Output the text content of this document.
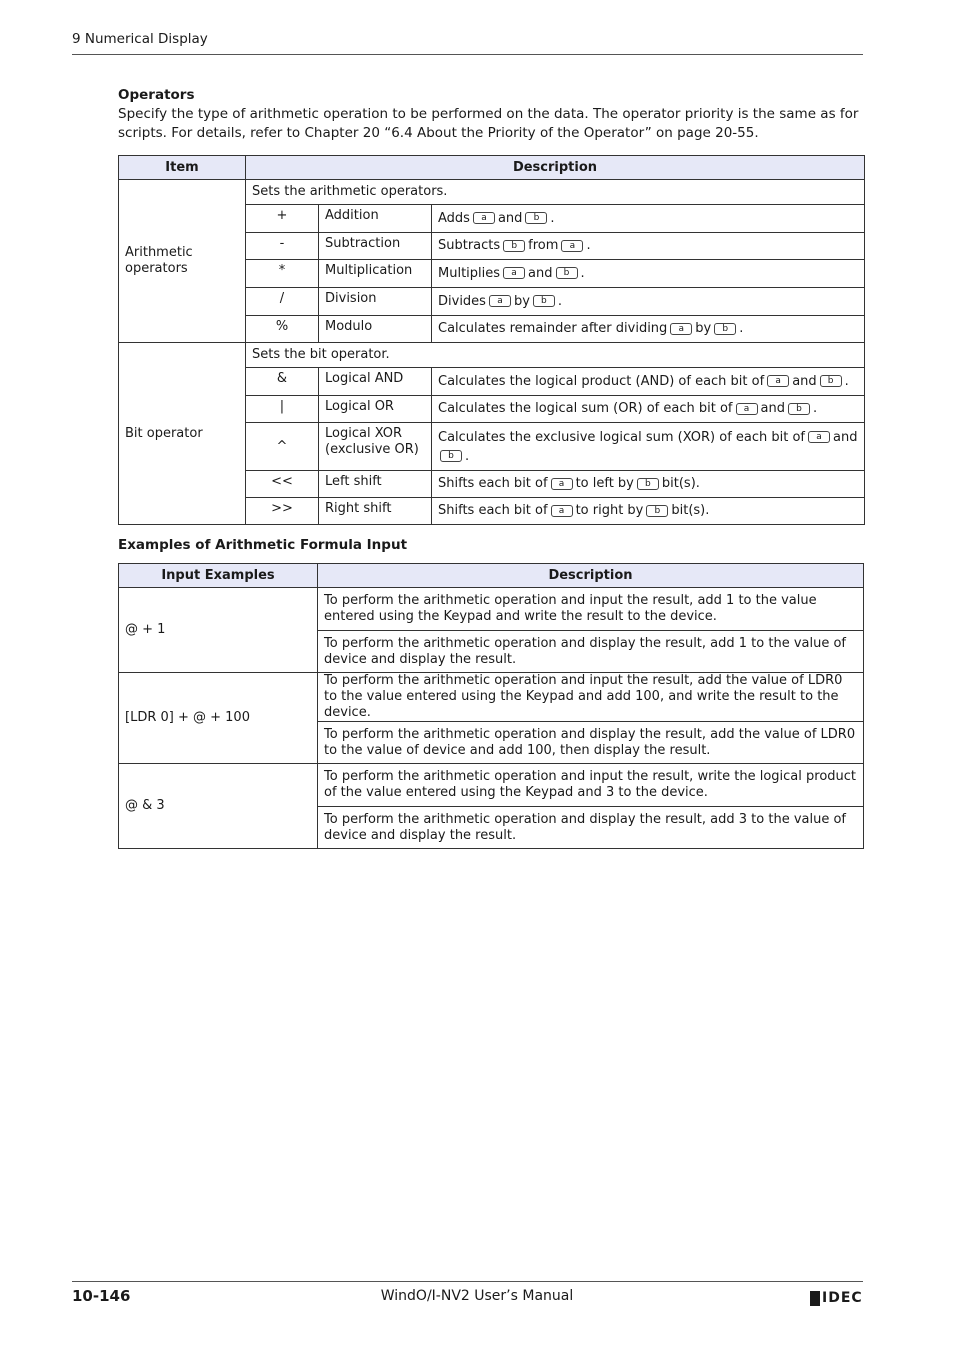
9 Numerical Display
Operators
Specify the type of arithmetic operation to be performed on the data. The operator priority is the same as for scripts. For details, refer to Chapter 20 “6.4 About the Priority of the Operator” on page 20-55.
Item	Description		
Arithmetic operators	Sets the arithmetic operators.		
	+	Addition	Adds a and b .
	-	Subtraction	Subtracts b from a .
	*	Multiplication	Multiplies a and b .
	/	Division	Divides a by b .
	%	Modulo	Calculates remainder after dividing a by b .
Bit operator	Sets the bit operator.		
	&	Logical AND	Calculates the logical product (AND) of each bit of a and b .
	|	Logical OR	Calculates the logical sum (OR) of each bit of a and b .
	^	Logical XOR (exclusive OR)	Calculates the exclusive logical sum (XOR) of each bit of a and
b .
	<<	Left shift	Shifts each bit of a to left by b bit(s).
	>>	Right shift	Shifts each bit of a to right by b bit(s).
Examples of Arithmetic Formula Input
Input Examples	Description
@ + 1	To perform the arithmetic operation and input the result, add 1 to the value entered using the Keypad and write the result to the device.
	To perform the arithmetic operation and display the result, add 1 to the value of device and display the result.
[LDR 0] + @ + 100	To perform the arithmetic operation and input the result, add the value of LDR0 to the value entered using the Keypad and add 100, and write the result to the device.
	To perform the arithmetic operation and display the result, add the value of LDR0 to the value of device and add 100, then display the result.
@ & 3	To perform the arithmetic operation and input the result, write the logical product of the value entered using the Keypad and 3 to the device.
	To perform the arithmetic operation and display the result, add 3 to the value of device and display the result.
10-146	WindO/I-NV2 User’s Manual	IDEC
